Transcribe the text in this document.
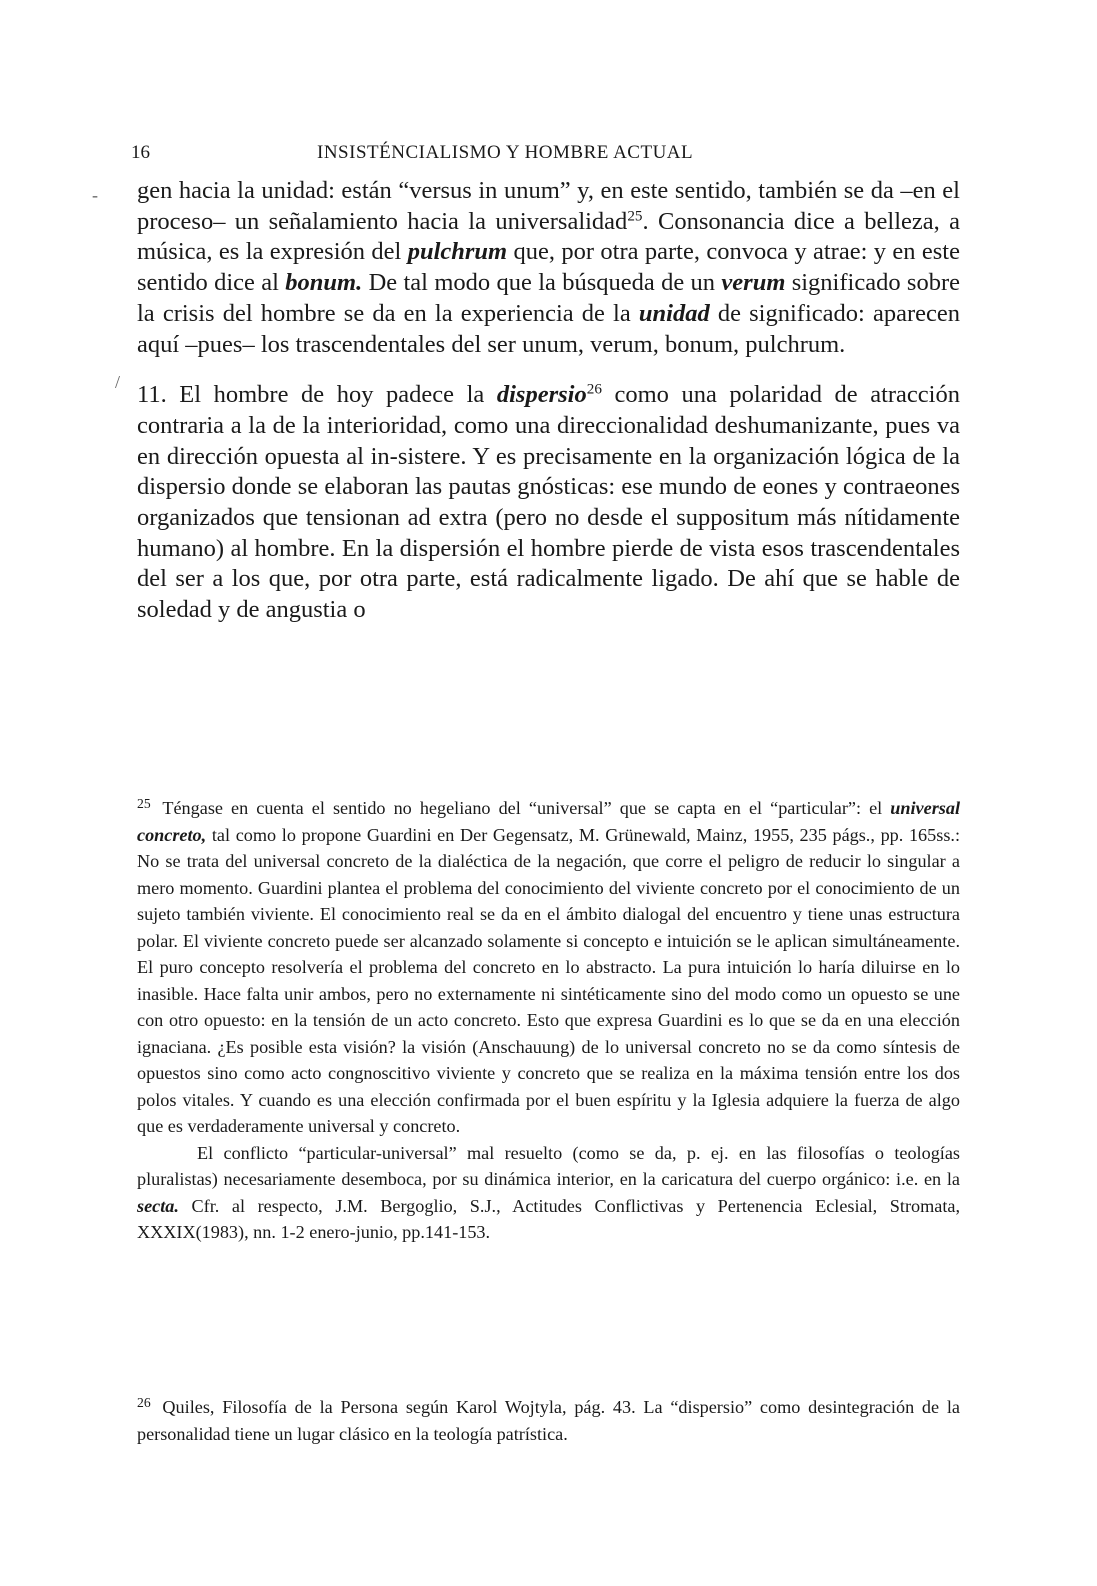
16	INSISTÉNCIALISMO Y HOMBRE ACTUAL
-
/

gen hacia la unidad: están “versus in unum” y, en este sentido, también se da –en el proceso– un señalamiento hacia la universalidad$^{25}$. Consonancia dice a belleza, a música, es la expresión del pulchrum que, por otra parte, convoca y atrae: y en este sentido dice al bonum. De tal modo que la búsqueda de un verum significado sobre la crisis del hombre se da en la experiencia de la unidad de significado: aparecen aquí –pues– los trascendentales del ser unum, verum, bonum, pulchrum.

11. El hombre de hoy padece la dispersio$^{26}$ como una polaridad de atracción contraria a la de la interioridad, como una direccionalidad deshumanizante, pues va en dirección opuesta al in-sistere. Y es precisamente en la organización lógica de la dispersio donde se elaboran las pautas gnósticas: ese mundo de eones y contraeones organizados que tensionan ad extra (pero no desde el suppositum más nítidamente humano) al hombre. En la dispersión el hombre pierde de vista esos trascendentales del ser a los que, por otra parte, está radicalmente ligado. De ahí que se hable de soledad y de angustia o

$^{25}$ Téngase en cuenta el sentido no hegeliano del “universal” que se capta en el “particular”: el universal concreto, tal como lo propone Guardini en Der Gegensatz, M. Grünewald, Mainz, 1955, 235 págs., pp. 165ss.: No se trata del universal concreto de la dialéctica de la negación, que corre el peligro de reducir lo singular a mero momento. Guardini plantea el problema del conocimiento del viviente concreto por el conocimiento de un sujeto también viviente. El conocimiento real se da en el ámbito dialogal del encuentro y tiene unas estructura polar. El viviente concreto puede ser alcanzado solamente si concepto e intuición se le aplican simultáneamente. El puro concepto resolvería el problema del concreto en lo abstracto. La pura intuición lo haría diluirse en lo inasible. Hace falta unir ambos, pero no externamente ni sintéticamente sino del modo como un opuesto se une con otro opuesto: en la tensión de un acto concreto. Esto que expresa Guardini es lo que se da en una elección ignaciana. ¿Es posible esta visión? la visión (Anschauung) de lo universal concreto no se da como síntesis de opuestos sino como acto congnoscitivo viviente y concreto que se realiza en la máxima tensión entre los dos polos vitales. Y cuando es una elección confirmada por el buen espíritu y la Iglesia adquiere la fuerza de algo que es verdaderamente universal y concreto.

El conflicto “particular-universal” mal resuelto (como se da, p. ej. en las filosofías o teologías pluralistas) necesariamente desemboca, por su dinámica interior, en la caricatura del cuerpo orgánico: i.e. en la secta. Cfr. al respecto, J.M. Bergoglio, S.J., Actitudes Conflictivas y Pertenencia Eclesial, Stromata, XXXIX(1983), nn. 1-2 enero-junio, pp.141-153.

$^{26}$ Quiles, Filosofía de la Persona según Karol Wojtyla, pág. 43. La “dispersio” como desintegración de la personalidad tiene un lugar clásico en la teología patrística.
